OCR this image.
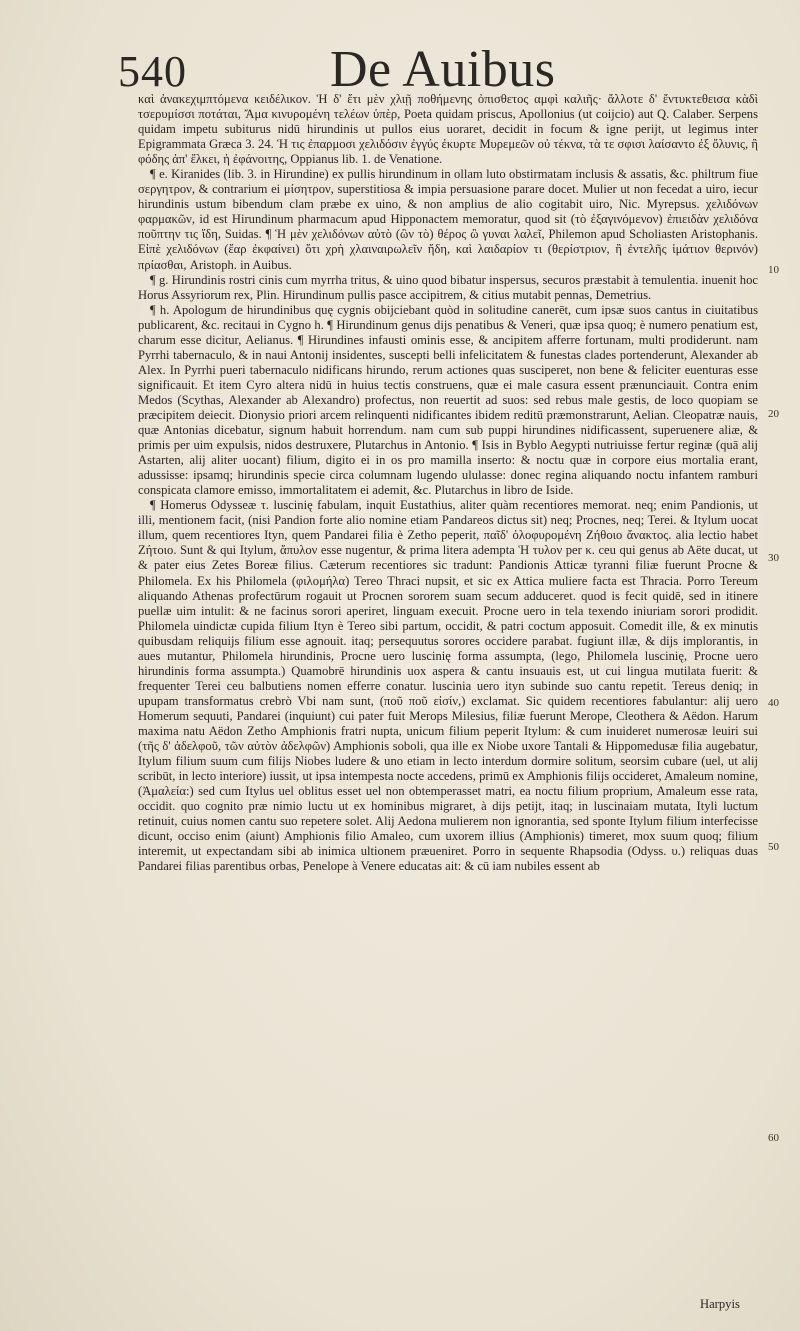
540	De Auibus

καὶ ἀνακεχιμπτόμενα κειδέλικον. Ἡ δ' ἔτι μὲν χλιῇ ποθήμενης ὀπισθετος αμφὶ καλιῆς· ἄλλοτε δ' ἔντυκτεθεισα κὰδὶ τσερυμίσσι ποτάται, Ἄμα κινυρομένη τελέων ὑπὲρ, Poeta quidam priscus, Apollonius (ut coijcio) aut Q. Calaber. Serpens quidam impetu subiturus nidū hirundinis ut pullos eius uoraret, decidit in focum & igne perijt, ut legimus inter Epigrammata Græca 3. 24. Ἡ τις ἐπαρμοσι χελιδόσιν ἐγγύς ἐκυρτε Μυρεμεῶν οὐ τέκνα, τὰ τε σφισι λαίσαντο ἐξ ὄλυνις, ἢ φόδης ἀπ' ἔλκει, ἡ ἐφάνοιτης, Oppianus lib. 1. de Venatione.

¶ e. Kiranides (lib. 3. in Hirundine) ex pullis hirundinum in ollam luto obstirmatam inclusis & assatis, &c. philtrum fiue σεργητρον, & contrarium ei μίσητρον, superstitiosa & impia persuasione parare docet. Mulier ut non fecedat a uiro, iecur hirundinis ustum bibendum clam præbe ex uino, & non amplius de alio cogitabit uiro, Nic. Myrepsus. χελιδόνων φαρμακῶν, id est Hirundinum pharmacum apud Hipponactem memoratur, quod sit (τὸ ἐξαγινόμενον) ἐπιειδὰν χελιδόνα ποῦπτην τις ἴδη, Suidas. ¶ Ἡ μὲν χελιδόνων αὐτὸ (ὢν τὸ) θέρος ὢ γυναι λαλεῖ, Philemon apud Scholiasten Aristophanis. Εἰπὲ χελιδόνων (ἔαρ ἐκφαίνει) ὅτι χρὴ χλαιναιρωλεῖν ἤδη, καὶ λαιδαρίον τι (θερίστριον, ἢ ἐντελῆς ἱμάτιον θερινόν) πρίασθαι, Aristoph. in Auibus.

¶ g. Hirundinis rostri cinis cum myrrha tritus, & uino quod bibatur inspersus, securos præstabit à temulentia. inuenit hoc Horus Assyriorum rex, Plin. Hirundinum pullis pasce accipitrem, & citius mutabit pennas, Demetrius.

¶ h. Apologum de hirundinibus quę cygnis obijciebant quòd in solitudine canerēt, cum ipsæ suos cantus in ciuitatibus publicarent, &c. recitaui in Cygno h. ¶ Hirundinum genus dijs penatibus & Veneri, quæ ipsa quoq; è numero penatium est, charum esse dicitur, Aelianus. ¶ Hirundines infausti ominis esse, & ancipitem afferre fortunam, multi prodiderunt. nam Pyrrhi tabernaculo, & in naui Antonij insidentes, suscepti belli infelicitatem & funestas clades portenderunt, Alexander ab Alex. In Pyrrhi pueri tabernaculo nidificans hirundo, rerum actiones quas susciperet, non bene & feliciter euenturas esse significauit. Et item Cyro altera nidū in huius tectis construens, quæ ei male casura essent prænunciauit. Contra enim Medos (Scythas, Alexander ab Alexandro) profectus, non reuertit ad suos: sed rebus male gestis, de loco quopiam se præcipitem deiecit. Dionysio priori arcem relinquenti nidificantes ibidem reditū præmonstrarunt, Aelian. Cleopatræ nauis, quæ Antonias dicebatur, signum habuit horrendum. nam cum sub puppi hirundines nidificassent, superuenere aliæ, & primis per uim expulsis, nidos destruxere, Plutarchus in Antonio. ¶ Isis in Byblo Aegypti nutriuisse fertur reginæ (quā alij Astarten, alij aliter uocant) filium, digito ei in os pro mamilla inserto: & noctu quæ in corpore eius mortalia erant, adussisse: ipsamq; hirundinis specie circa columnam lugendo ululasse: donec regina aliquando noctu infantem ramburi conspicata clamore emisso, immortalitatem ei ademit, &c. Plutarchus in libro de Iside.

¶ Homerus Odysseæ τ. luscinię fabulam, inquit Eustathius, aliter quàm recentiores memorat. neq; enim Pandionis, ut illi, mentionem facit, (nisi Pandion forte alio nomine etiam Pandareos dictus sit) neq; Procnes, neq; Terei. & Itylum uocat illum, quem recentiores Ityn, quem Pandarei filia è Zetho peperit, παῖδ' ὀλοφυρομένη Ζήθοιο ἄνακτος. alia lectio habet Ζήτοιο. Sunt & qui Itylum, ἄπυλον esse nugentur, & prima litera adempta Ἡ τυλον per κ. ceu qui genus ab Aëte ducat, ut & pater eius Zetes Boreæ filius. Cæterum recentiores sic tradunt: Pandionis Atticæ tyranni filiæ fuerunt Procne & Philomela. Ex his Philomela (φιλομήλα) Tereo Thraci nupsit, et sic ex Attica muliere facta est Thracia. Porro Tereum aliquando Athenas profectūrum rogauit ut Procnen sororem suam secum adduceret. quod is fecit quidē, sed in itinere puellæ uim intulit: & ne facinus sorori aperiret, linguam execuit. Procne uero in tela texendo iniuriam sorori prodidit. Philomela uindictæ cupida filium Ityn è Tereo sibi partum, occidit, & patri coctum apposuit. Comedit ille, & ex minutis quibusdam reliquijs filium esse agnouit. itaq; persequutus sorores occidere parabat. fugiunt illæ, & dijs implorantis, in aues mutantur, Philomela hirundinis, Procne uero luscinię forma assumpta, (lego, Philomela luscinię, Procne uero hirundinis forma assumpta.) Quamobrē hirundinis uox aspera & cantu insuauis est, ut cui lingua mutilata fuerit: & frequenter Terei ceu balbutiens nomen efferre conatur. luscinia uero ityn subinde suo cantu repetit. Tereus deniq; in upupam transformatus crebrò Vbi nam sunt, (ποῦ ποῦ εἰσίν,) exclamat. Sic quidem recentiores fabulantur: alij uero Homerum sequuti, Pandarei (inquiunt) cui pater fuit Merops Milesius, filiæ fuerunt Merope, Cleothera & Aëdon. Harum maxima natu Aëdon Zetho Amphionis fratri nupta, unicum filium peperit Itylum: & cum inuideret numerosæ leuiri sui (τῆς δ' ἀδελφοῦ, τῶν αὐτὸν ἀδελφῶν) Amphionis soboli, qua ille ex Niobe uxore Tantali & Hippomedusæ filia augebatur, Itylum filium suum cum filijs Niobes ludere & uno etiam in lecto interdum dormire solitum, seorsim cubare (uel, ut alij scribūt, in lecto interiore) iussit, ut ipsa intempesta nocte accedens, primū ex Amphionis filijs occideret, Amaleum nomine, (Ἀμαλεία:) sed cum Itylus uel oblitus esset uel non obtemperasset matri, ea noctu filium proprium, Amaleum esse rata, occidit. quo cognito præ nimio luctu ut ex hominibus migraret, à dijs petijt, itaq; in luscinaiam mutata, Ityli luctum retinuit, cuius nomen cantu suo repetere solet. Alij Aedona mulierem non ignorantia, sed sponte Itylum filium interfecisse dicunt, occiso enim (aiunt) Amphionis filio Amaleo, cum uxorem illius (Amphionis) timeret, mox suum quoq; filium interemit, ut expectandam sibi ab inimica ultionem præueniret. Porro in sequente Rhapsodia (Odyss. υ.) reliquas duas Pandarei filias parentibus orbas, Penelope à Venere educatas ait: & cū iam nubiles essent ab

10
20
30
40
50
60
Harpyis
